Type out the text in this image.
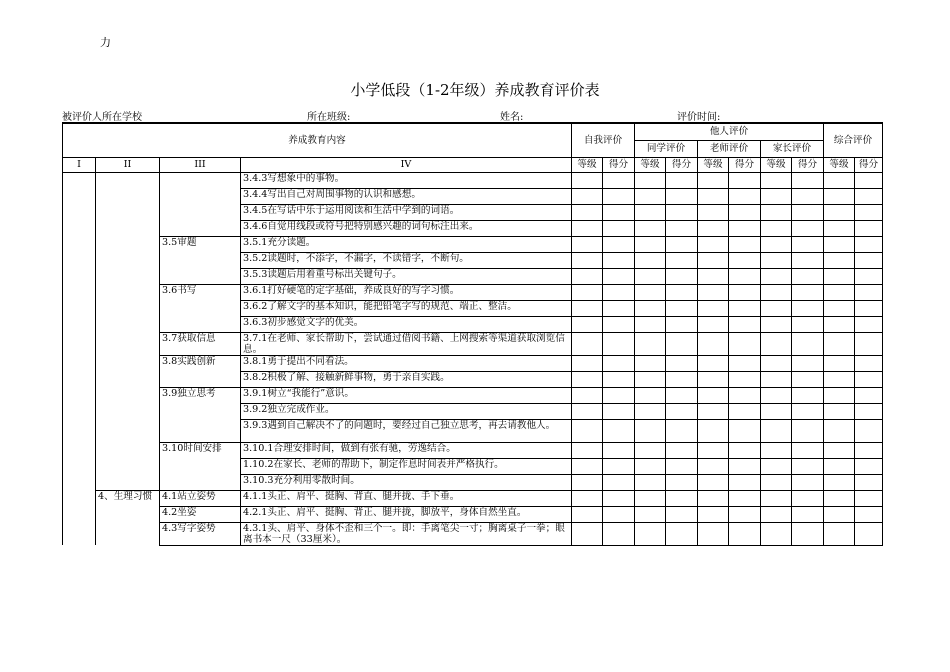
力
小学低段（1-2年级）养成教育评价表
被评价人所在学校	所在班级:	姓名:	评价时间:
养成教育内容				自我评价		他人评价						综合评价	
						同学评价		老师评价		家长评价			
I	II	III	IV	等级	得分	等级	得分	等级	得分	等级	得分	等级	得分
			3.4.3写想象中的事物。										
			3.4.4写出自己对周围事物的认识和感想。										
			3.4.5在写话中乐于运用阅读和生活中学到的词语。										
			3.4.6自觉用线段或符号把特别感兴趣的词句标注出来。										
		3.5审题	3.5.1充分读题。										
			3.5.2读题时，不添字，不漏字，不读错字，不断句。										
			3.5.3读题后用着重号标出关键句子。										
		3.6书写	3.6.1打好硬笔的定字基础，养成良好的写字习惯。										
			3.6.2了解文字的基本知识，能把铅笔字写的规范、端正、整洁。										
			3.6.3初步感觉文字的优美。										
		3.7获取信息	3.7.1在老师、家长帮助下，尝试通过借阅书籍、上网搜索等渠道获取浏览信息。										
		3.8实践创新	3.8.1勇于提出不同看法。										
			3.8.2积极了解、接触新鲜事物，勇于亲自实践。										
		3.9独立思考	3.9.1树立“我能行”意识。										
			3.9.2独立完成作业。										
			3.9.3遇到自己解决不了的问题时，要经过自己独立思考，再去请教他人。										
		3.10时间安排	3.10.1合理安排时间，做到有张有驰，劳逸结合。										
			1.10.2在家长、老师的帮助下，制定作息时间表并严格执行。										
			3.10.3充分利用零散时间。										
	4、生理习惯	4.1站立姿势	4.1.1头正、肩平、挺胸、背直、腿并拢、手下垂。										
		4.2坐姿	4.2.1头正、肩平、挺胸、背正、腿并拢，脚放平，身体自然坐直。										
		4.3写字姿势	4.3.1头、肩平、身体不歪和三个一。即：手离笔尖一寸；胸离桌子一拳；眼离书本一尺（33厘米）。										
